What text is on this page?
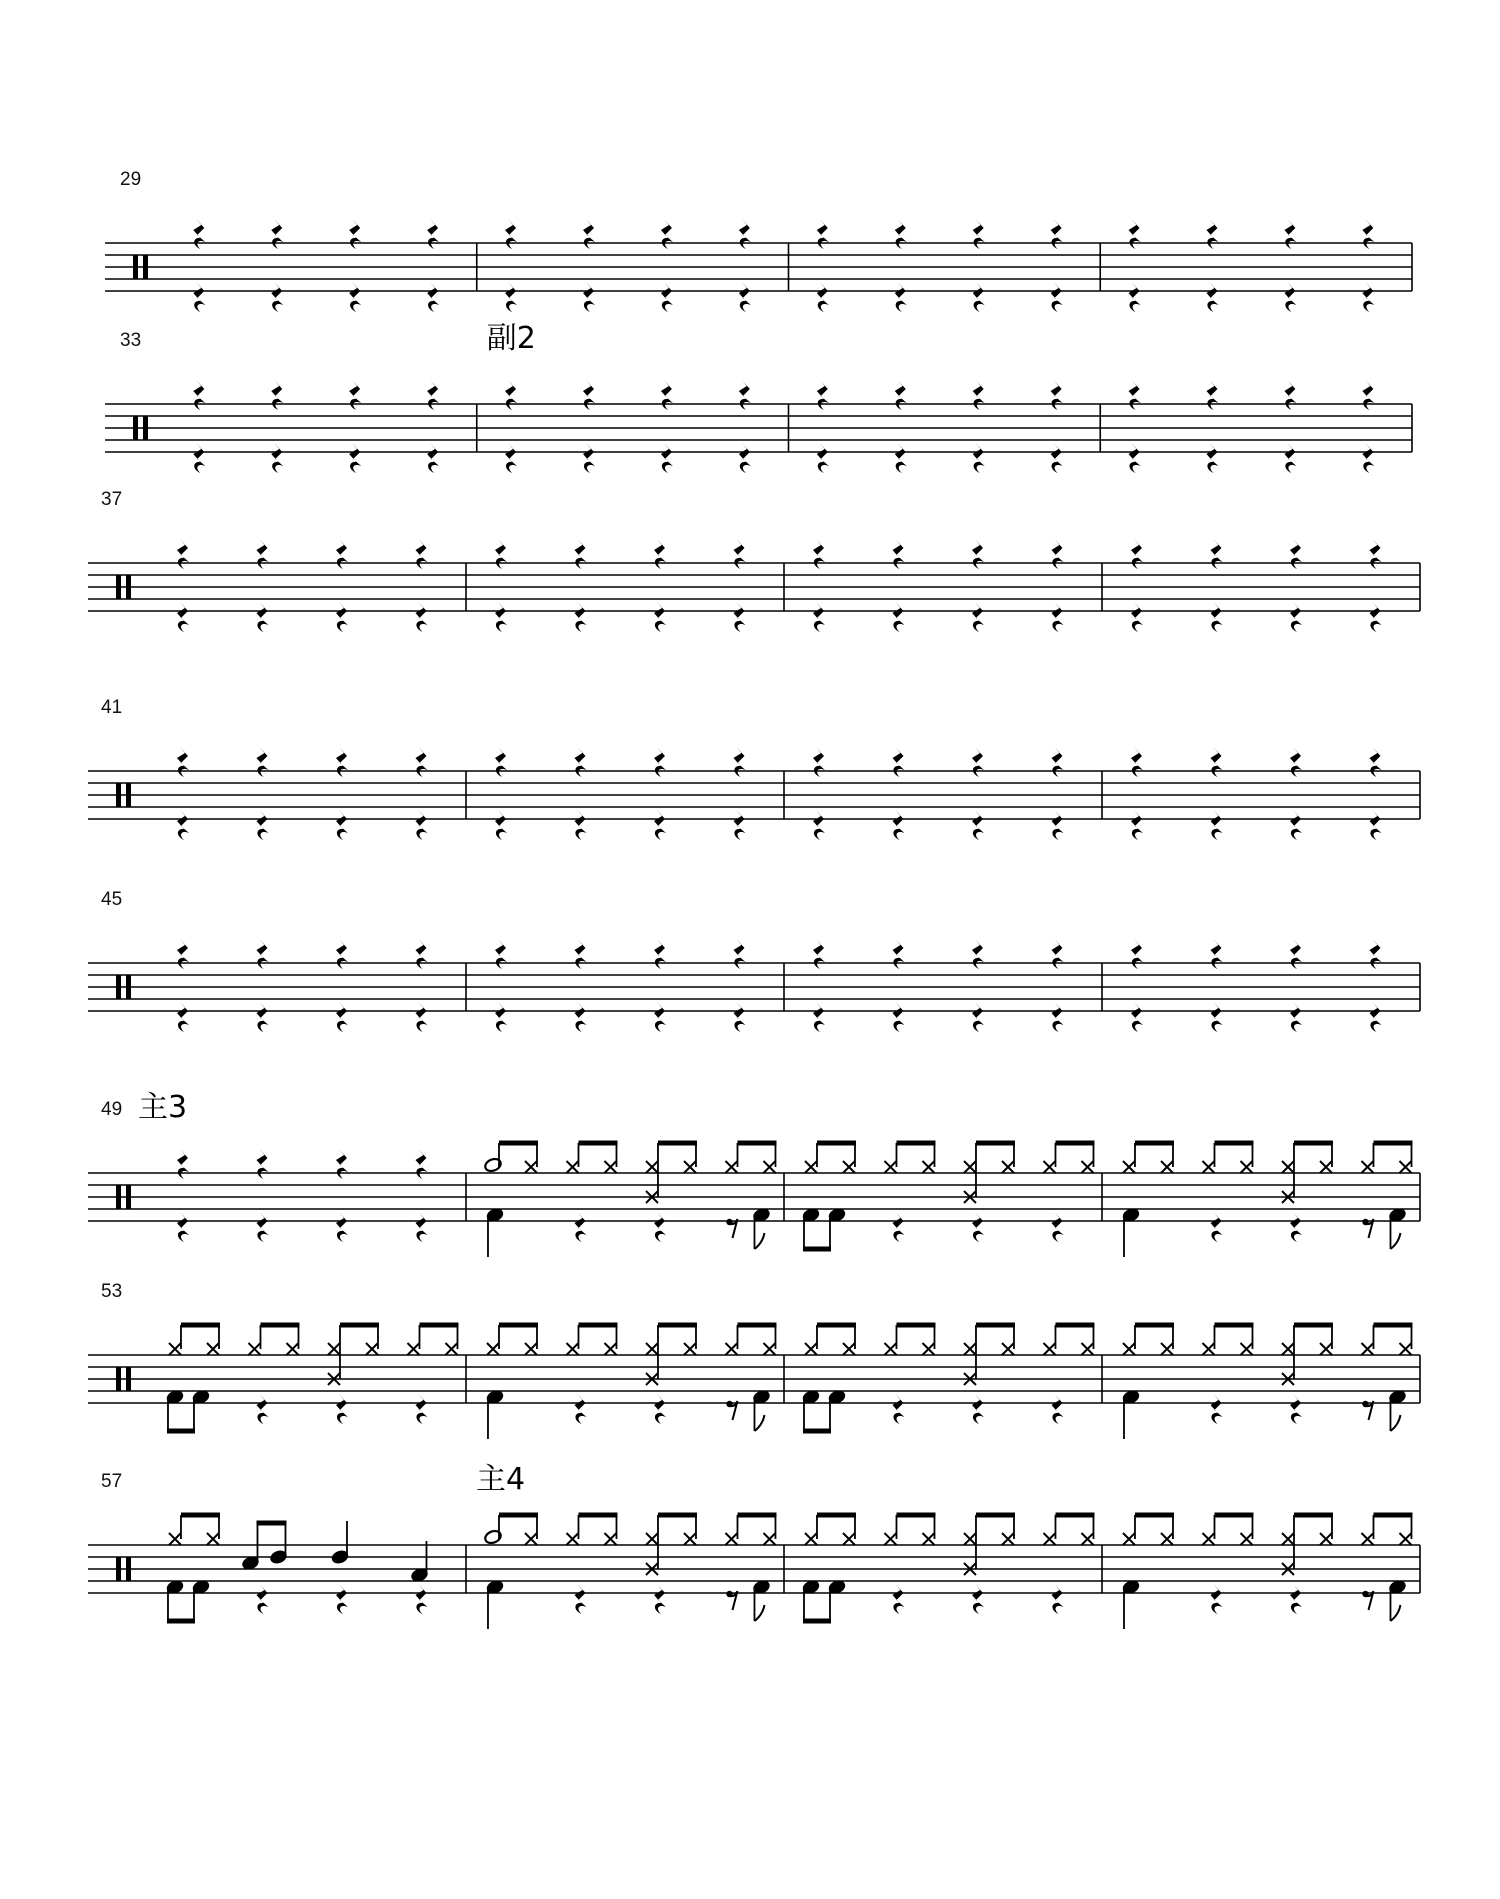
29
33	副2
37
41
45
49 主3
53
57	主4
